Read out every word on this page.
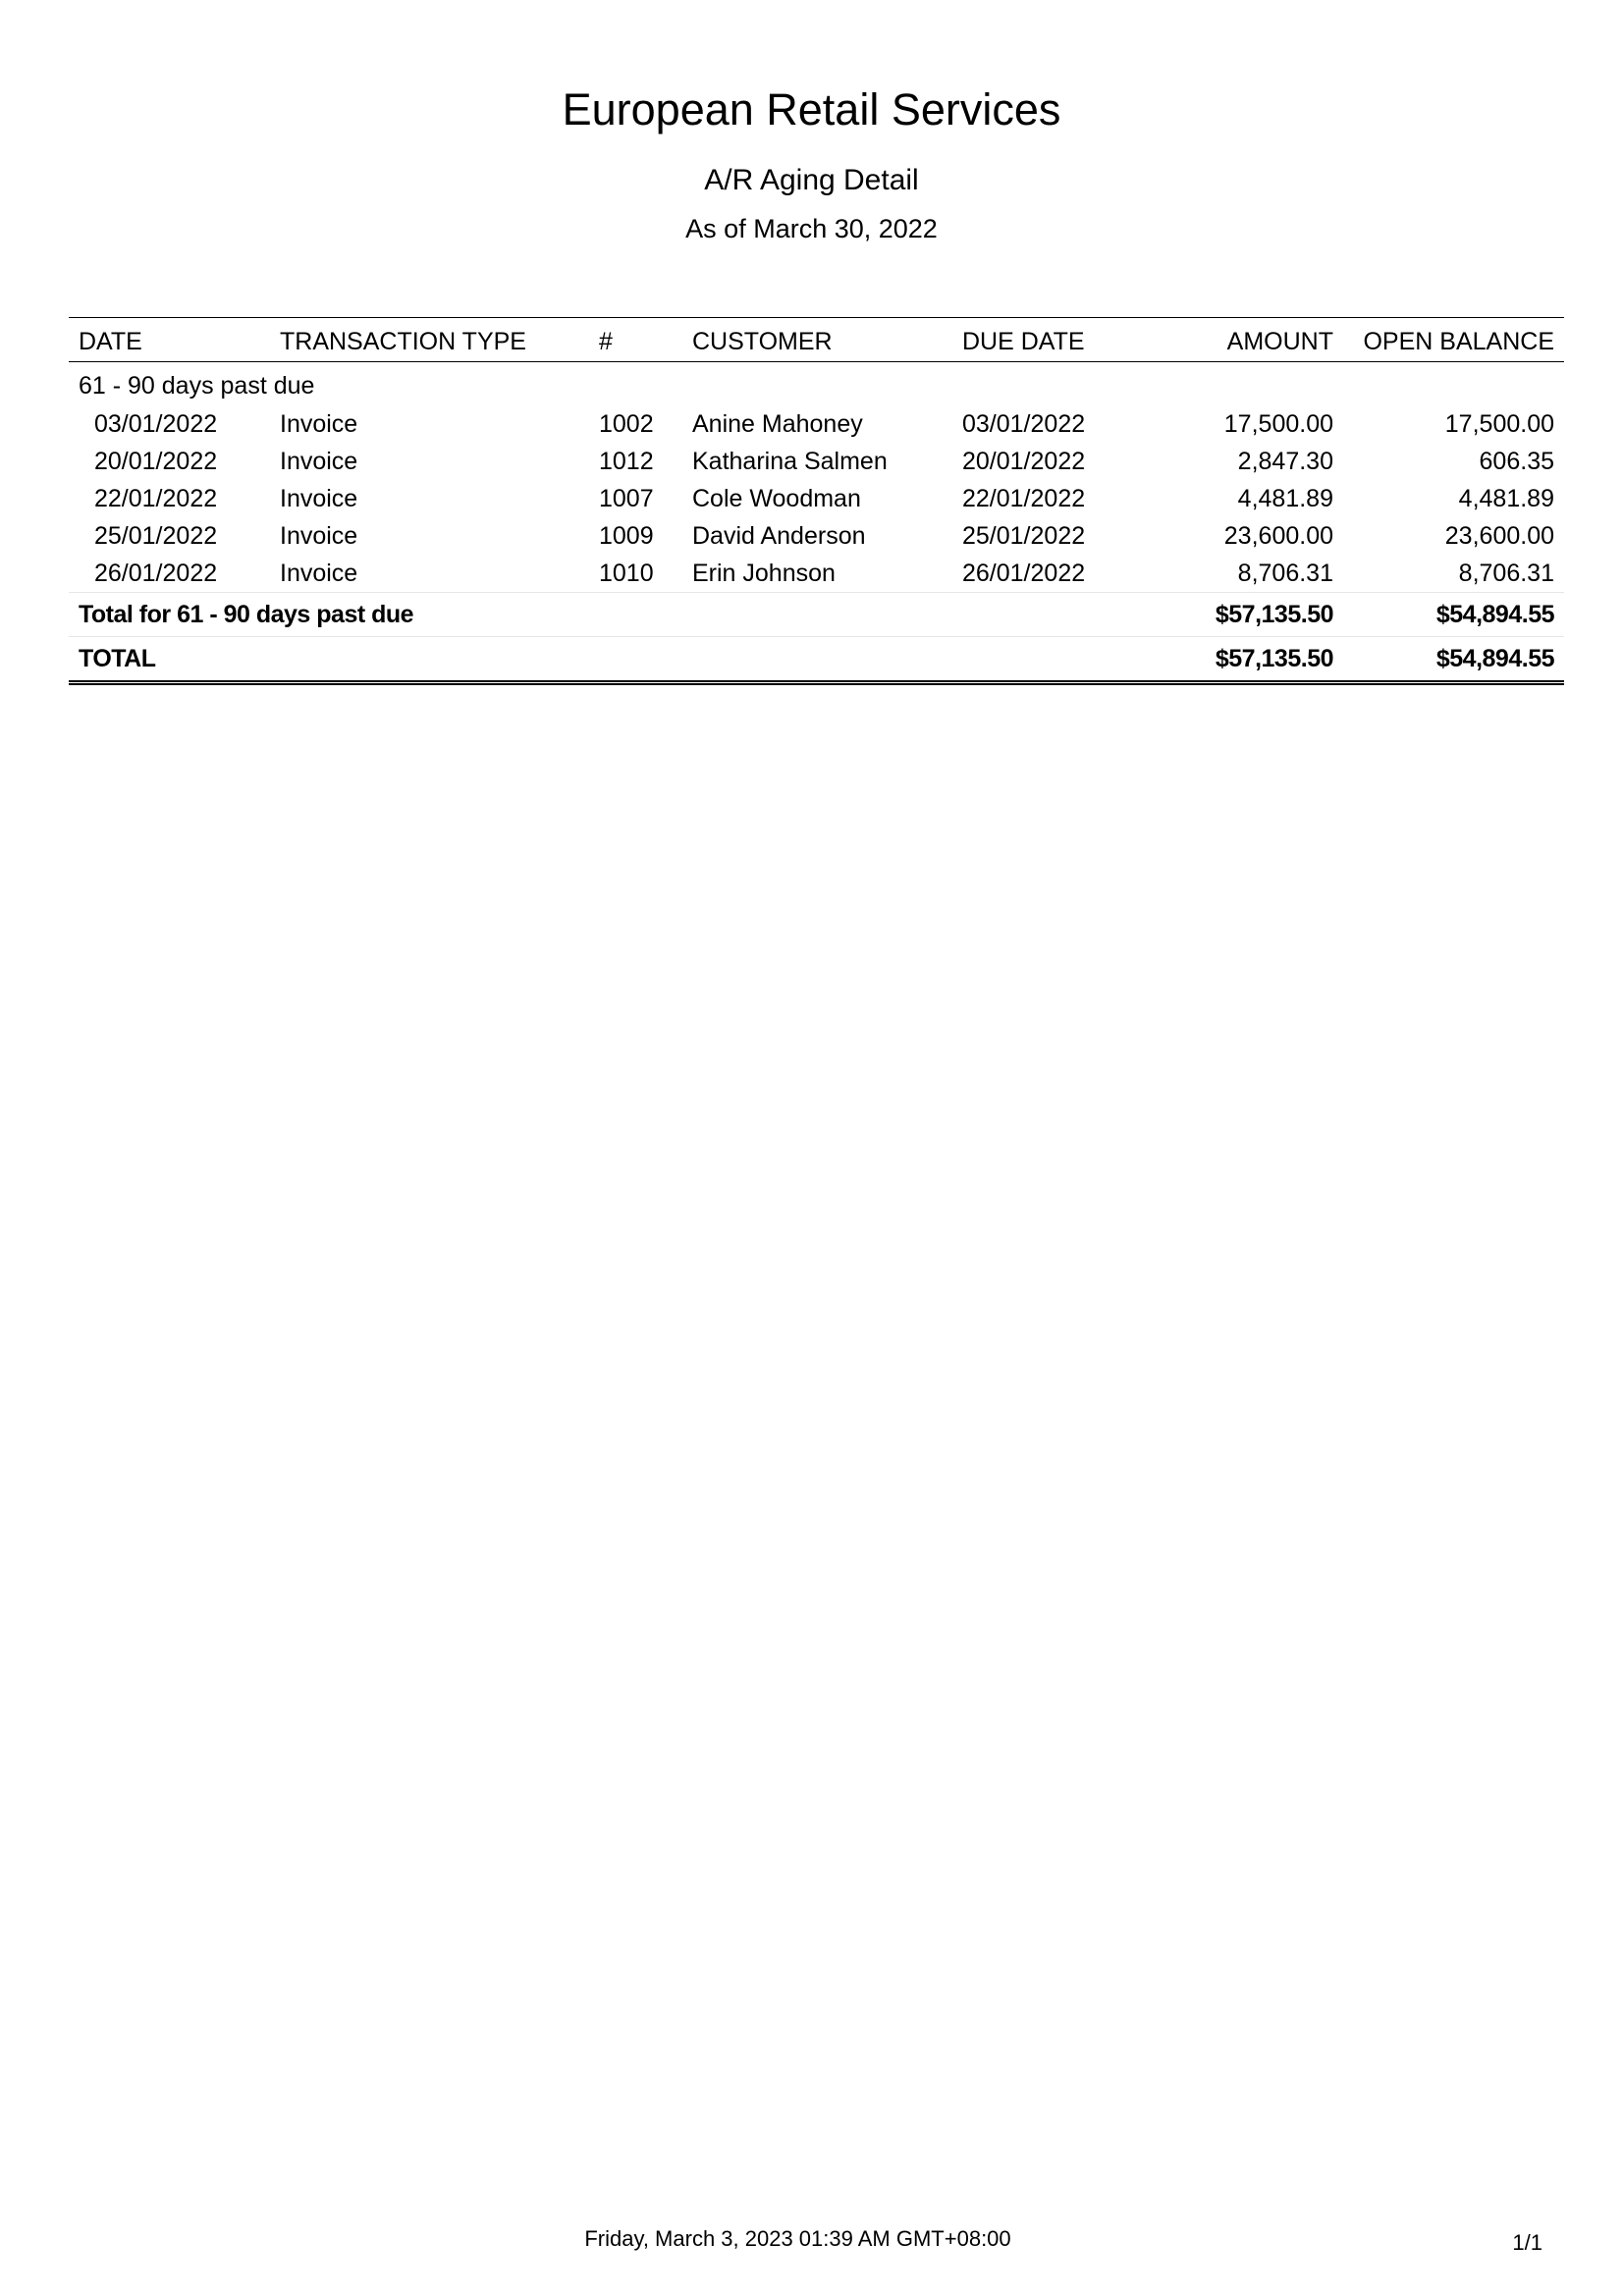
European Retail Services
A/R Aging Detail
As of March 30, 2022
DATE	TRANSACTION TYPE	#	CUSTOMER	DUE DATE	AMOUNT	OPEN BALANCE
61 - 90 days past due						
03/01/2022	Invoice	1002	Anine Mahoney	03/01/2022	17,500.00	17,500.00
20/01/2022	Invoice	1012	Katharina Salmen	20/01/2022	2,847.30	606.35
22/01/2022	Invoice	1007	Cole Woodman	22/01/2022	4,481.89	4,481.89
25/01/2022	Invoice	1009	David Anderson	25/01/2022	23,600.00	23,600.00
26/01/2022	Invoice	1010	Erin Johnson	26/01/2022	8,706.31	8,706.31
Total for 61 - 90 days past due					$57,135.50	$54,894.55
TOTAL					$57,135.50	$54,894.55
Friday, March 3, 2023 01:39 AM GMT+08:00	1/1
